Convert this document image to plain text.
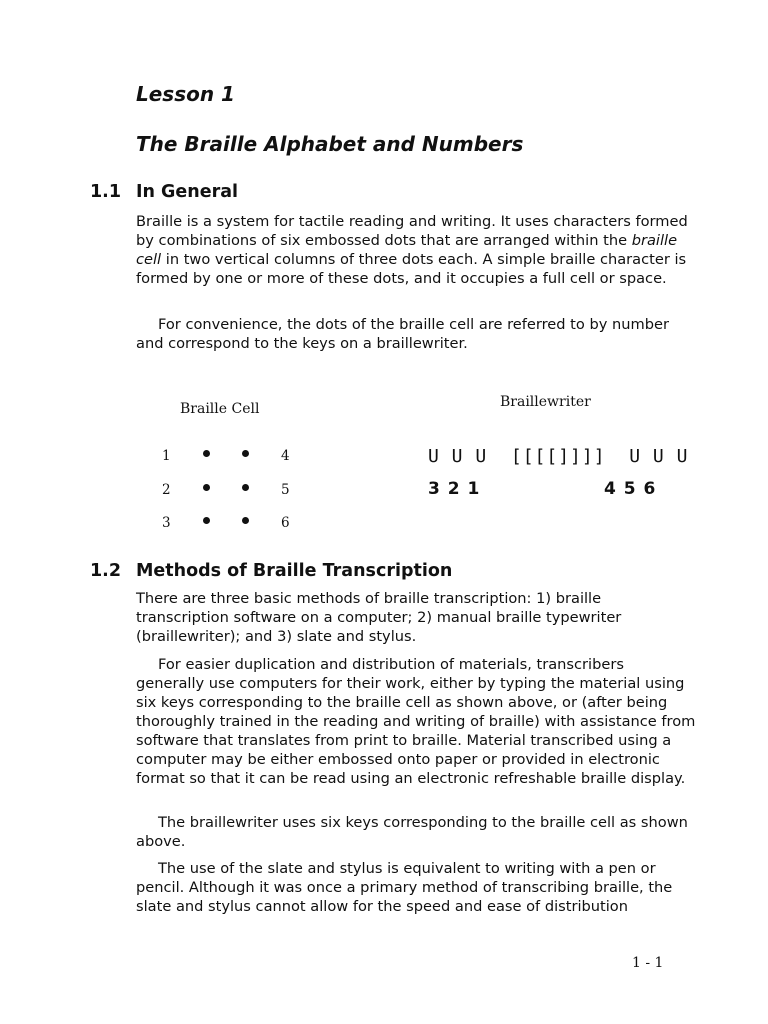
Lesson 1
The Braille Alphabet and Numbers
1.1 In General
Braille is a system for tactile reading and writing. It uses characters formed by combinations of six embossed dots that are arranged within the braille cell in two vertical columns of three dots each. A simple braille character is formed by one or more of these dots, and it occupies a full cell or space.
For convenience, the dots of the braille cell are referred to by number and correspond to the keys on a braillewriter.
Braille Cell	Braillewriter
1
2
3
4
5
6
U U U  [[[[]]]]  U U U
3 2 1	4 5 6
1.2 Methods of Braille Transcription
There are three basic methods of braille transcription: 1) braille transcription software on a computer; 2) manual braille typewriter (braillewriter); and 3) slate and stylus.
For easier duplication and distribution of materials, transcribers generally use computers for their work, either by typing the material using six keys corresponding to the braille cell as shown above, or (after being thoroughly trained in the reading and writing of braille) with assistance from software that translates from print to braille. Material transcribed using a computer may be either embossed onto paper or provided in electronic format so that it can be read using an electronic refreshable braille display.
The braillewriter uses six keys corresponding to the braille cell as shown above.
The use of the slate and stylus is equivalent to writing with a pen or pencil. Although it was once a primary method of transcribing braille, the slate and stylus cannot allow for the speed and ease of distribution
1 - 1
